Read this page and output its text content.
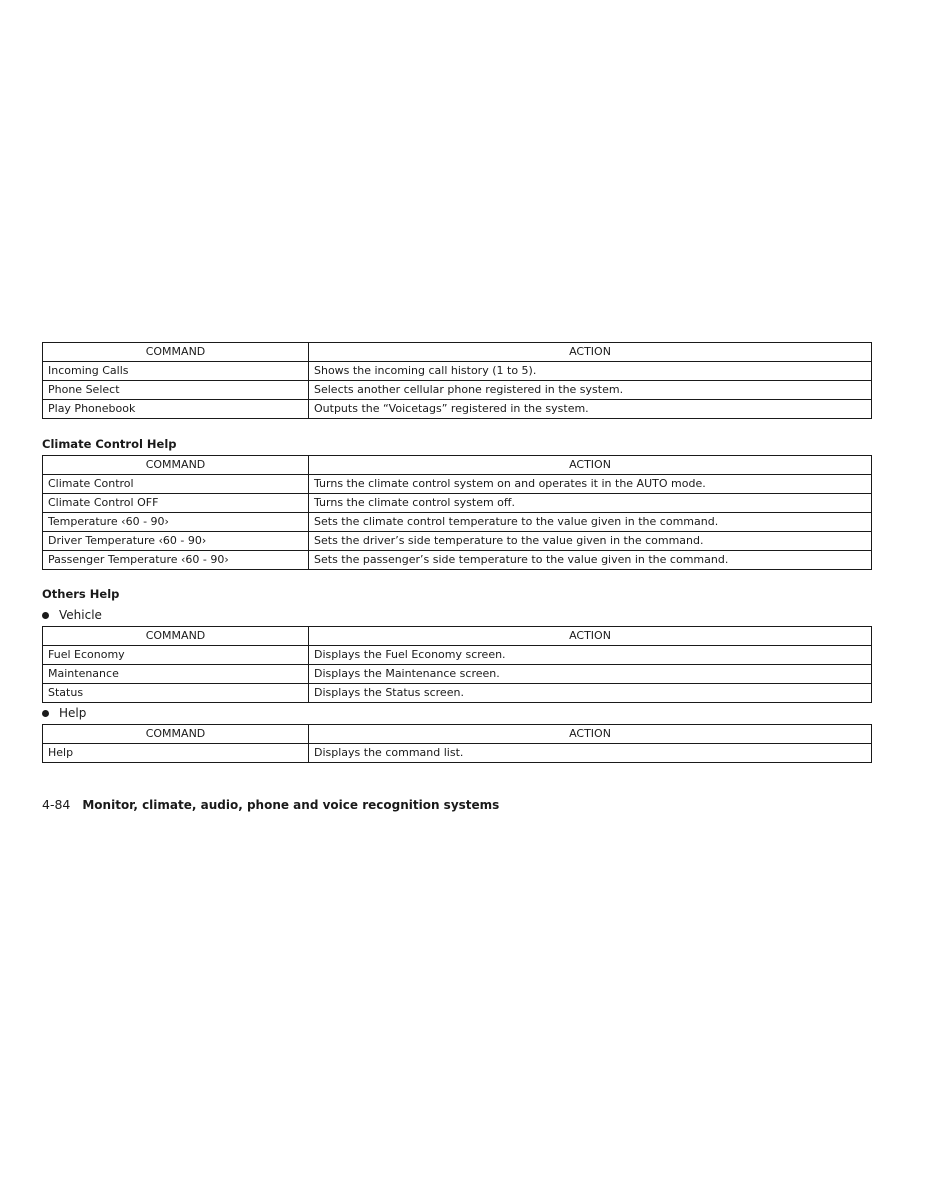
COMMAND	ACTION
Incoming Calls	Shows the incoming call history (1 to 5).
Phone Select	Selects another cellular phone registered in the system.
Play Phonebook	Outputs the “Voicetags” registered in the system.
Climate Control Help
COMMAND	ACTION
Climate Control	Turns the climate control system on and operates it in the AUTO mode.
Climate Control OFF	Turns the climate control system off.
Temperature ‹60 - 90›	Sets the climate control temperature to the value given in the command.
Driver Temperature ‹60 - 90›	Sets the driver’s side temperature to the value given in the command.
Passenger Temperature ‹60 - 90›	Sets the passenger’s side temperature to the value given in the command.
Others Help
Vehicle
COMMAND	ACTION
Fuel Economy	Displays the Fuel Economy screen.
Maintenance	Displays the Maintenance screen.
Status	Displays the Status screen.
Help
COMMAND	ACTION
Help	Displays the command list.
4-84 Monitor, climate, audio, phone and voice recognition systems
